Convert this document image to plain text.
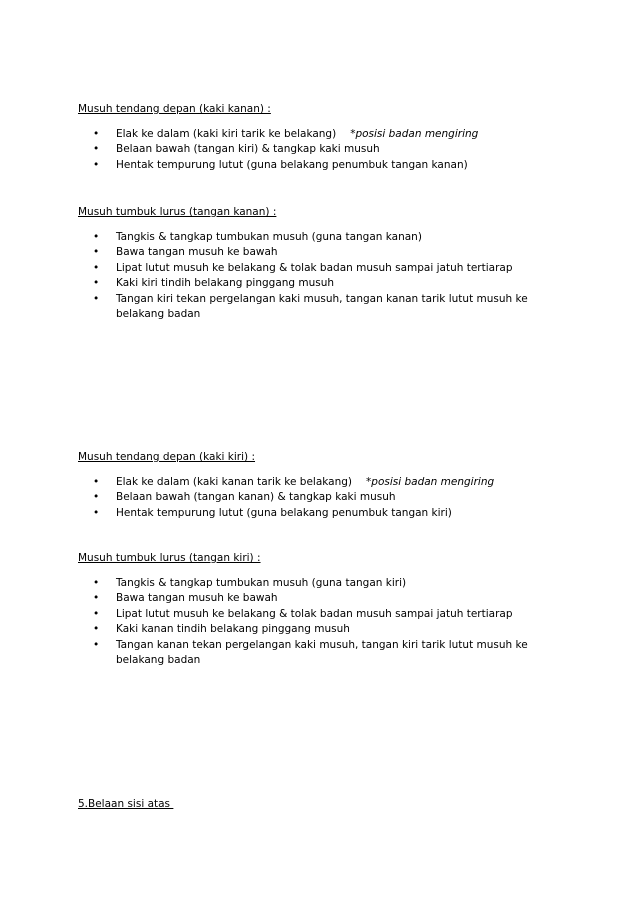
Musuh tendang depan (kaki kanan) :

• Elak ke dalam (kaki kiri tarik ke belakang) *posisi badan mengiring
• Belaan bawah (tangan kiri) & tangkap kaki musuh
• Hentak tempurung lutut (guna belakang penumbuk tangan kanan)

Musuh tumbuk lurus (tangan kanan) :

• Tangkis & tangkap tumbukan musuh (guna tangan kanan)
• Bawa tangan musuh ke bawah
• Lipat lutut musuh ke belakang & tolak badan musuh sampai jatuh tertiarap
• Kaki kiri tindih belakang pinggang musuh
• Tangan kiri tekan pergelangan kaki musuh, tangan kanan tarik lutut musuh ke belakang badan

Musuh tendang depan (kaki kiri) :

• Elak ke dalam (kaki kanan tarik ke belakang) *posisi badan mengiring
• Belaan bawah (tangan kanan) & tangkap kaki musuh
• Hentak tempurung lutut (guna belakang penumbuk tangan kiri)

Musuh tumbuk lurus (tangan kiri) :

• Tangkis & tangkap tumbukan musuh (guna tangan kiri)
• Bawa tangan musuh ke bawah
• Lipat lutut musuh ke belakang & tolak badan musuh sampai jatuh tertiarap
• Kaki kanan tindih belakang pinggang musuh
• Tangan kanan tekan pergelangan kaki musuh, tangan kiri tarik lutut musuh ke belakang badan

5.Belaan sisi atas
